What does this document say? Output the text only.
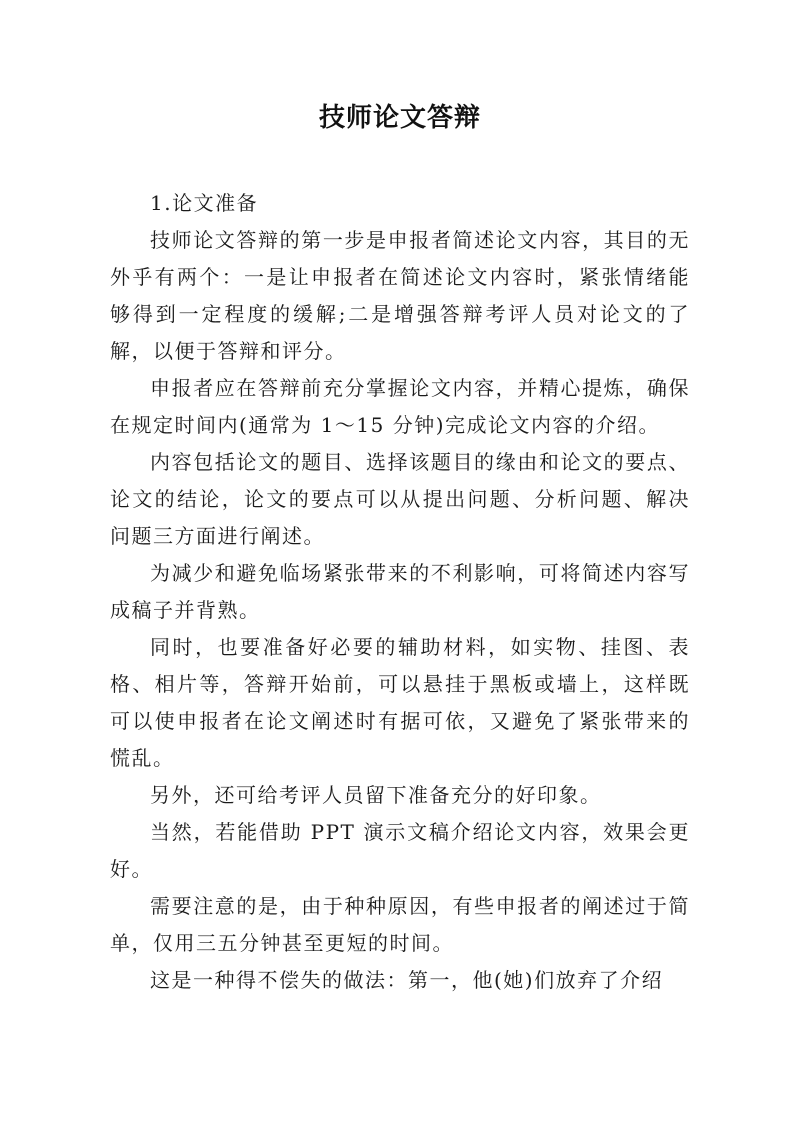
技师论文答辩

1.论文准备

技师论文答辩的第一步是申报者简述论文内容，其目的无外乎有两个：一是让申报者在简述论文内容时，紧张情绪能够得到一定程度的缓解;二是增强答辩考评人员对论文的了解，以便于答辩和评分。

申报者应在答辩前充分掌握论文内容，并精心提炼，确保在规定时间内(通常为 1～15 分钟)完成论文内容的介绍。

内容包括论文的题目、选择该题目的缘由和论文的要点、论文的结论，论文的要点可以从提出问题、分析问题、解决问题三方面进行阐述。

为减少和避免临场紧张带来的不利影响，可将简述内容写成稿子并背熟。

同时，也要准备好必要的辅助材料，如实物、挂图、表格、相片等，答辩开始前，可以悬挂于黑板或墙上，这样既可以使申报者在论文阐述时有据可依，又避免了紧张带来的慌乱。

另外，还可给考评人员留下准备充分的好印象。

当然，若能借助 PPT 演示文稿介绍论文内容，效果会更好。

需要注意的是，由于种种原因，有些申报者的阐述过于简单，仅用三五分钟甚至更短的时间。

这是一种得不偿失的做法：第一，他(她)们放弃了介绍
